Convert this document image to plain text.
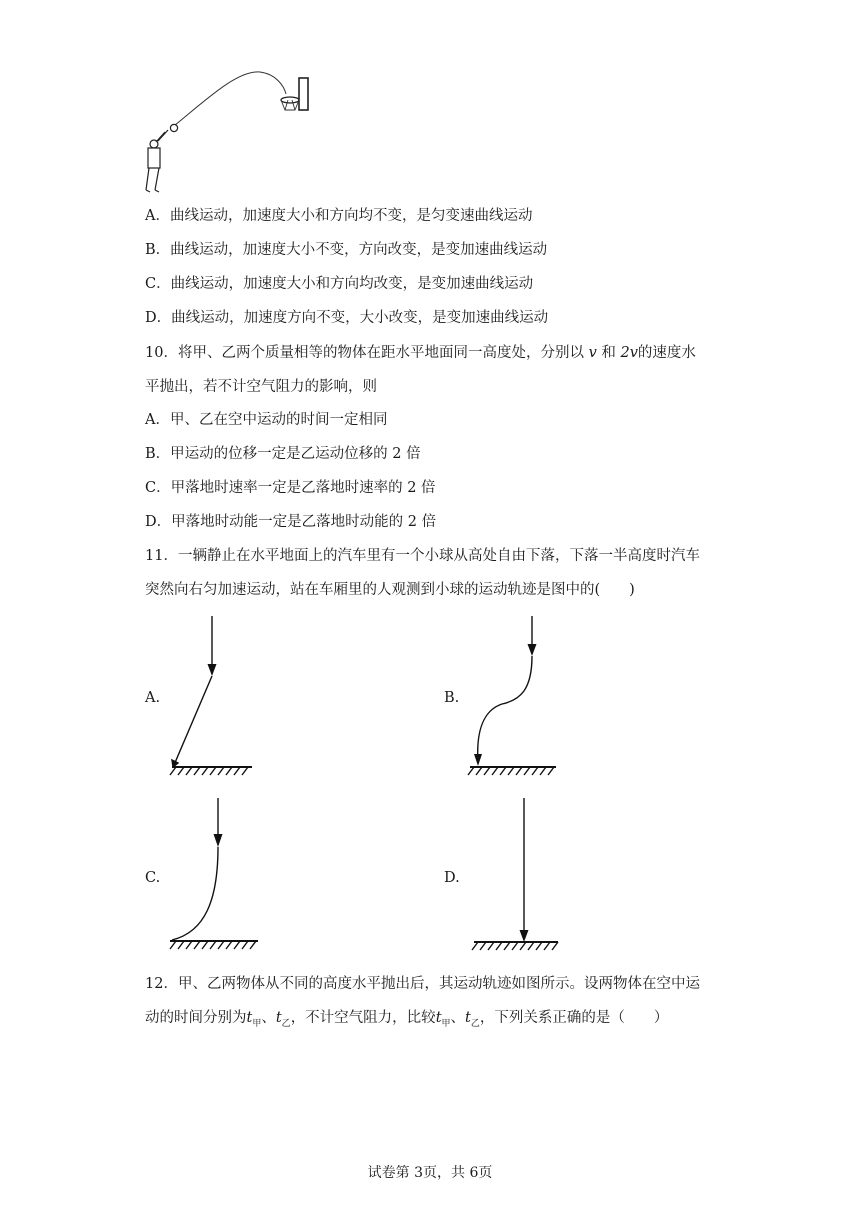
A．曲线运动，加速度大小和方向均不变，是匀变速曲线运动
B．曲线运动，加速度大小不变，方向改变，是变加速曲线运动
C．曲线运动，加速度大小和方向均改变，是变加速曲线运动
D．曲线运动，加速度方向不变，大小改变，是变加速曲线运动
10．将甲、乙两个质量相等的物体在距水平地面同一高度处，分别以 v 和 2v的速度水
平抛出，若不计空气阻力的影响，则
A．甲、乙在空中运动的时间一定相同
B．甲运动的位移一定是乙运动位移的 2 倍
C．甲落地时速率一定是乙落地时速率的 2 倍
D．甲落地时动能一定是乙落地时动能的 2 倍
11．一辆静止在水平地面上的汽车里有一个小球从高处自由下落，下落一半高度时汽车
突然向右匀加速运动，站在车厢里的人观测到小球的运动轨迹是图中的(　　)
A.	B.
C.	D.
12．甲、乙两物体从不同的高度水平抛出后，其运动轨迹如图所示。设两物体在空中运
动的时间分别为$t_甲$、$t_乙$，不计空气阻力，比较$t_甲$、$t_乙$，下列关系正确的是（　　）
试卷第 3页，共 6页
